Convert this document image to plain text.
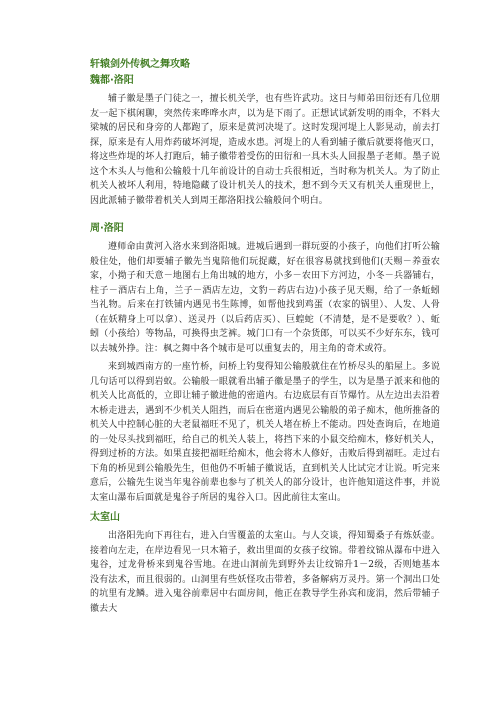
轩辕剑外传枫之舞攻略
魏都·洛阳

辅子徽是墨子门徒之一，擅长机关学，也有些许武功。这日与师弟田衍还有几位朋友一起下棋闲聊，突然传来哗哗水声，以为是下雨了。正想试试新发明的雨伞，不料大梁城的居民和身旁的人都跑了，原来是黄河决堤了。这时发现河堤上人影晃动，前去打探，原来是有人用炸药破坏河堤，造成水患。河堤上的人看到辅子徽后就要将他灭口，将这些炸堤的坏人打跑后，辅子徽带着受伤的田衍和一具木头人回报墨子老师。墨子说这个木头人与他和公输般十几年前设计的自动士兵很相近，当时称为机关人。为了防止机关人被坏人利用，特地隐藏了设计机关人的技术，想不到今天又有机关人重现世上，因此派辅子徽带着机关人到周王都洛阳找公输般问个明白。

周·洛阳

遵师命由黄河入洛水来到洛阳城。进城后遇到一群玩耍的小孩子，向他们打听公输般住处，他们却要辅子徽先当鬼陪他们玩捉藏，好在很容易就找到他们(天赐－养蚕农家，小拗子和天意－地图右上角出城的地方，小多－农田下方河边，小冬－兵器铺右，柱子－酒店右上角，兰子－酒店左边，文豹－药店右边)小孩子见天赐，给了一条蚯蚓当礼物。后来在打铁铺内遇见书生陈博，如帮他找到鸡蛋（农家的锅里）、人发、人骨（在妖精身上可以拿）、送灵丹（以后药店买）、巨蝗蛇（不清楚，是不是要收？）、蚯蚓（小孩给）等物品，可换得虫芝裤。城门口有一个杂货郎，可以买不少好东东，钱可以去城外挣。注：枫之舞中各个城市是可以重复去的，用主角的奇术或符。

来到城西南方的一座竹桥，问桥上钓叟得知公输般就住在竹桥尽头的船屋上。多说几句话可以得到岩蚁。公输般一眼就看出辅子徽是墨子的学生，以为是墨子派来和他的机关人比高低的，立即让辅子徽进他的密道内。右边底层有百节爆竹。从左边出去沿着木桥走进去，遇到不少机关人阻挡，而后在密道内遇见公输般的弟子痴木，他所推备的机关人中控制心脏的大老鼠福旺不见了，机关人堵在桥上不能动。四处查询后，在地道的一处尽头找到福旺，给自己的机关人装上，将挡下来的小鼠交给痴木，修好机关人，得到过桥的方法。如果直接把福旺给痴木，他会将木人修好，击败后得到福旺。走过右下角的桥见到公输般先生，但他仍不听辅子徽说话，直到机关人比试完才让说。听完来意后，公输先生说当年鬼谷前辈也参与了机关人的部分设计，也许他知道这件事，并说太室山瀑布后面就是鬼谷子所居的鬼谷入口。因此前往太室山。

太室山

出洛阳先向下再往右，进入白雪覆盖的太室山。与人交谈，得知蜀桑子有炼妖壶。接着向左走，在岸边看见一只木箱子，救出里面的女孩子纹锦。带着纹锦从瀑布中进入鬼谷，过龙骨桥来到鬼谷雪地。在进山洞前先到野外去让纹锦升1－2级，否则她基本没有法术，而且很弱的。山洞里有些妖怪攻击带着，多备解病万灵丹。第一个洞出口处的坑里有龙鳞。进入鬼谷前辈居中右面房间，他正在教导学生孙宾和庞涓，然后带辅子徽去大
